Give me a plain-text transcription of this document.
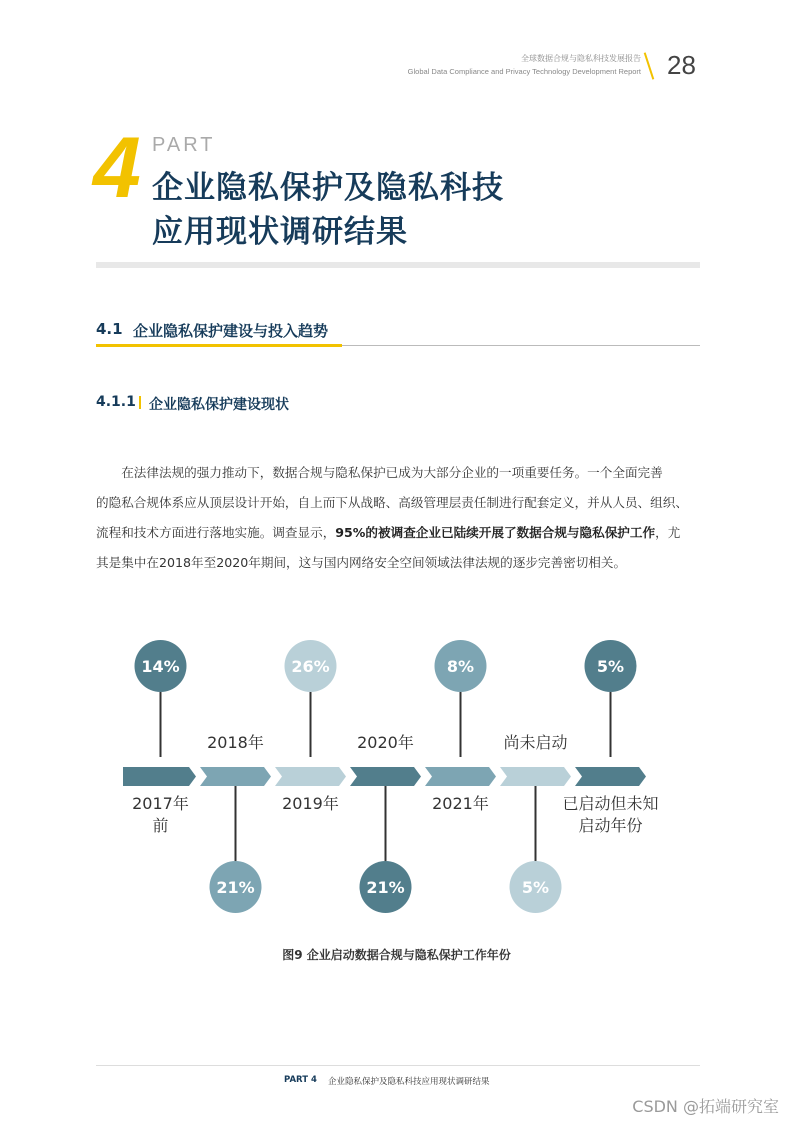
全球数据合规与隐私科技发展报告
Global Data Compliance and Privacy Technology Development Report 28
4 PART
企业隐私保护及隐私科技
应用现状调研结果
4.1 企业隐私保护建设与投入趋势
4.1.1 企业隐私保护建设现状
　　在法律法规的强力推动下，数据合规与隐私保护已成为大部分企业的一项重要任务。一个全面完善
的隐私合规体系应从顶层设计开始，自上而下从战略、高级管理层责任制进行配套定义，并从人员、组织、
流程和技术方面进行落地实施。调查显示，95%的被调查企业已陆续开展了数据合规与隐私保护工作，尤
其是集中在2018年至2020年期间，这与国内网络安全空间领域法律法规的逐步完善密切相关。
14%
21%
26%
21%
8%
5%
5%
2017年
前
2018年
2019年
2020年
2021年
尚未启动
已启动但未知
启动年份
图9 企业启动数据合规与隐私保护工作年份
PART 4 企业隐私保护及隐私科技应用现状调研结果
CSDN @拓端研究室
